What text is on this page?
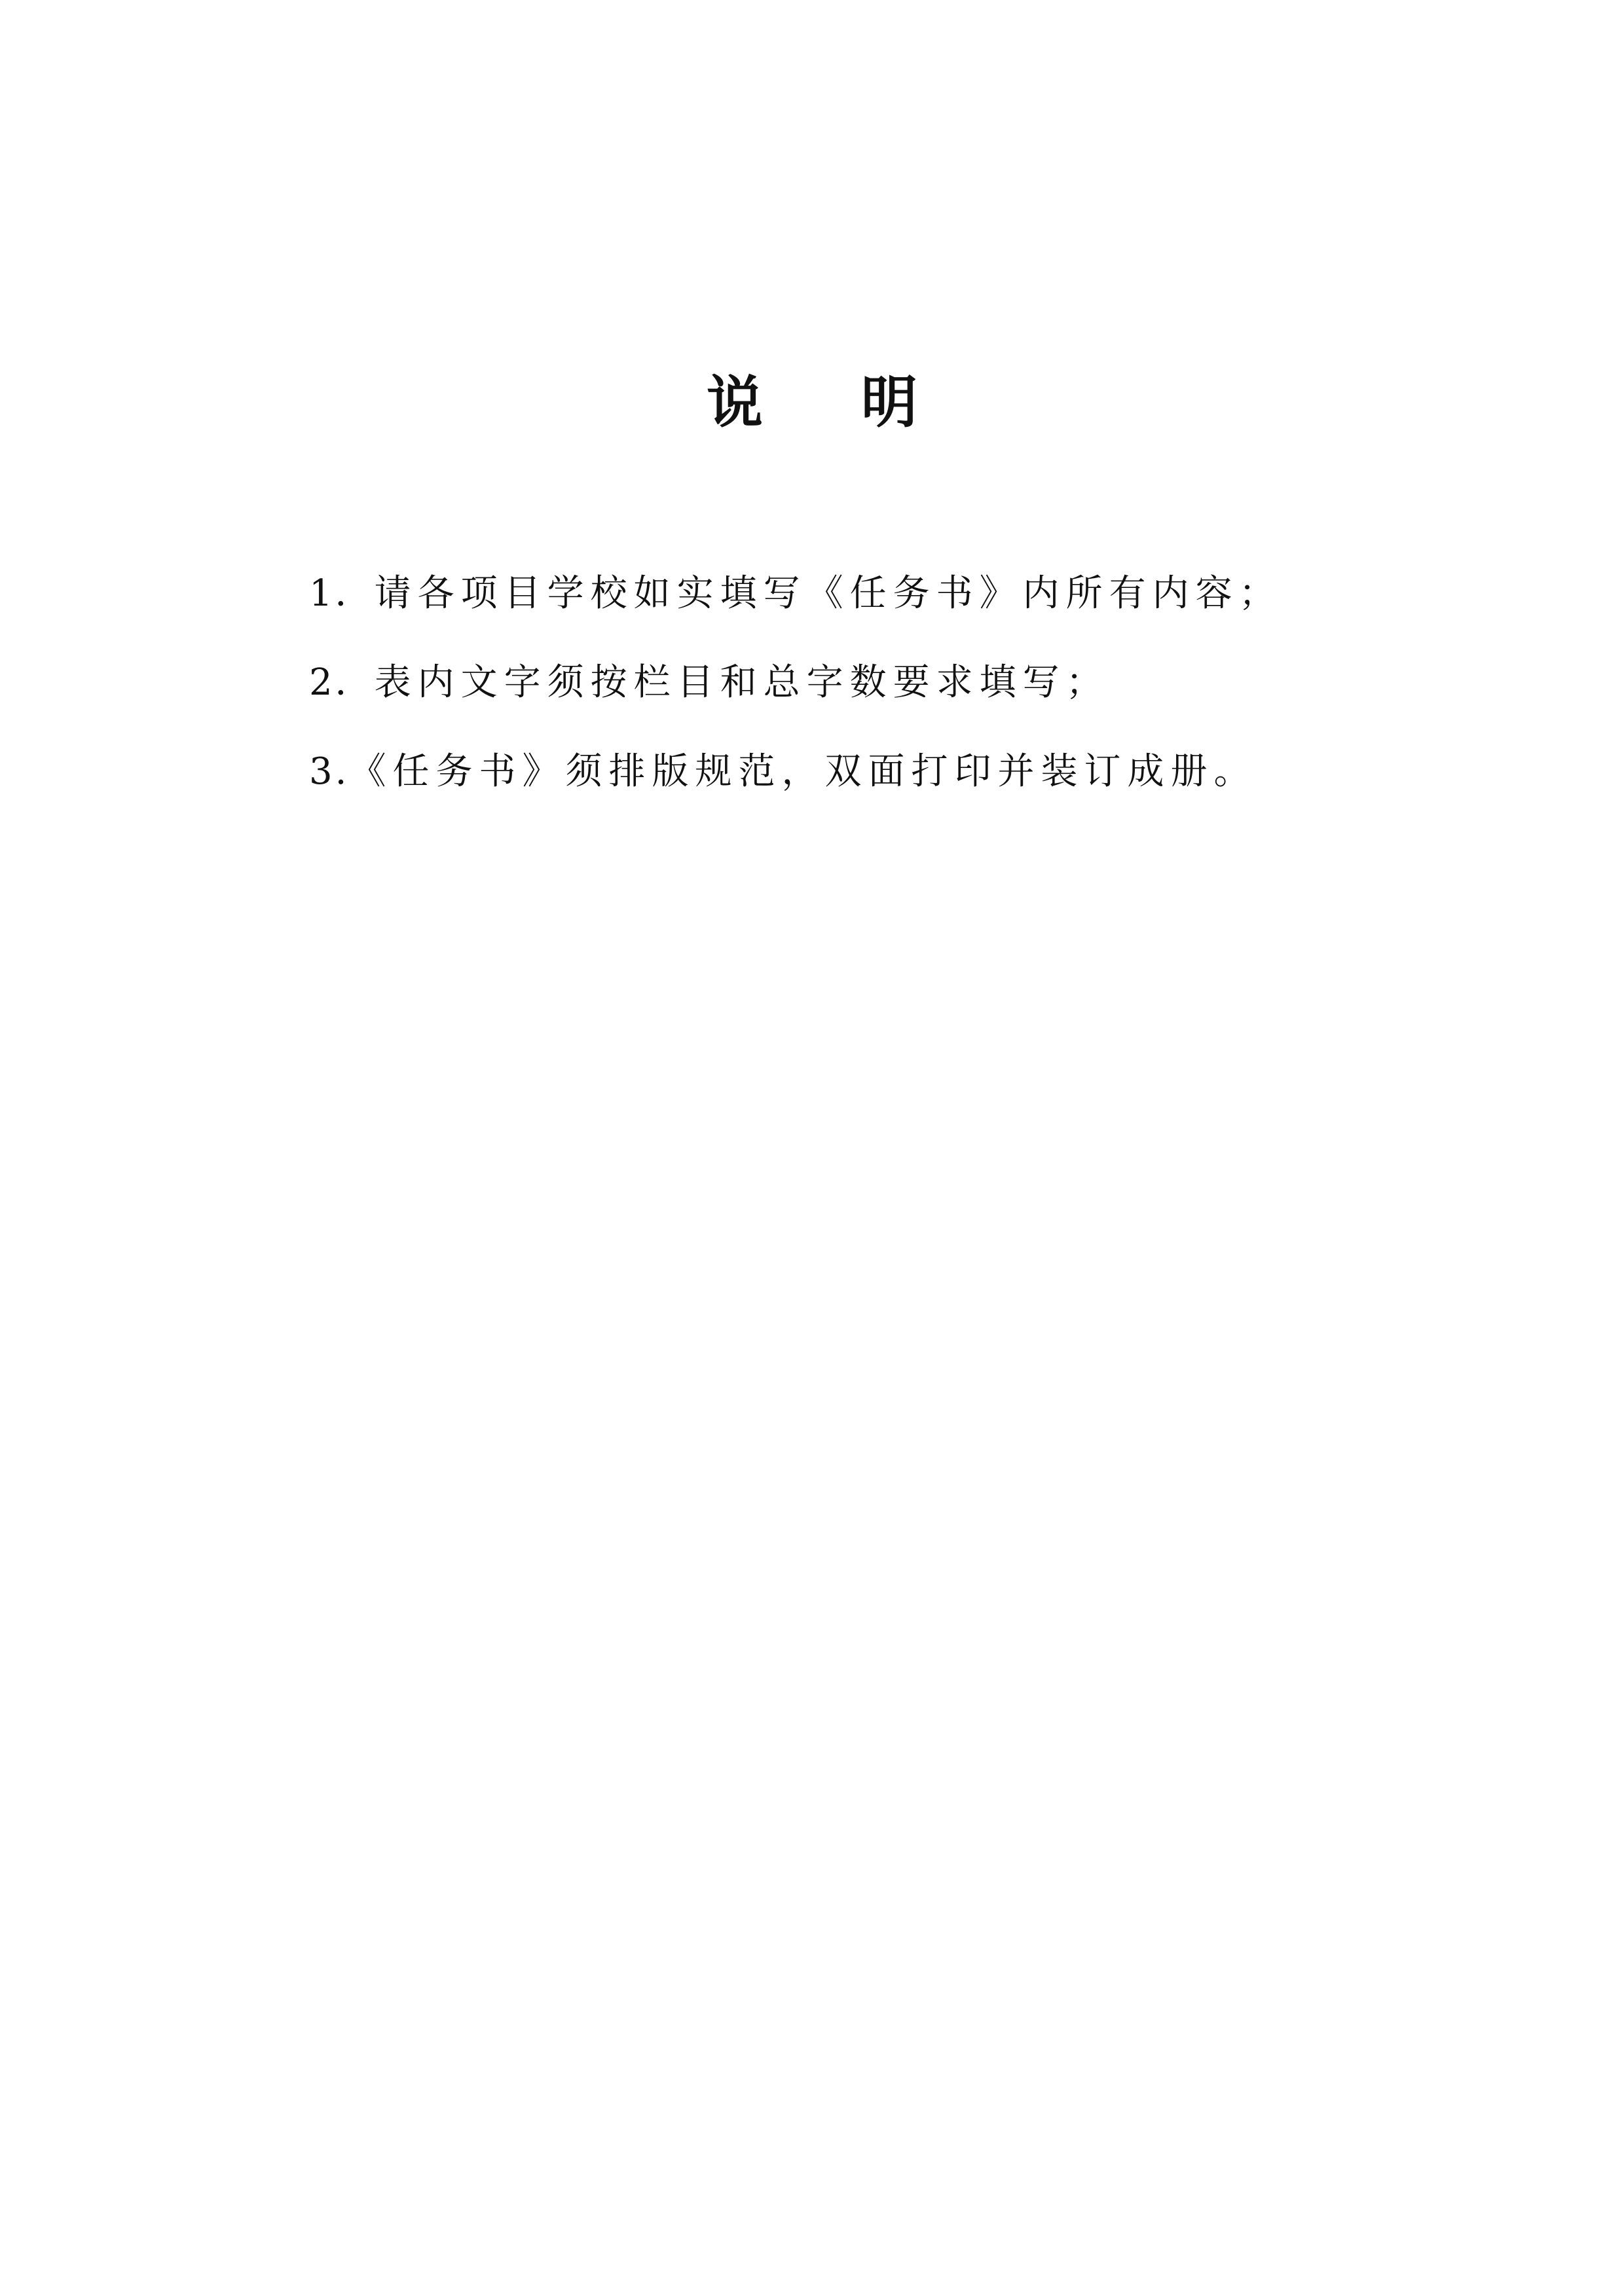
说 明
1．请各项目学校如实填写《任务书》内所有内容；
2．表内文字须按栏目和总字数要求填写；
3.《任务书》须排版规范，双面打印并装订成册。
